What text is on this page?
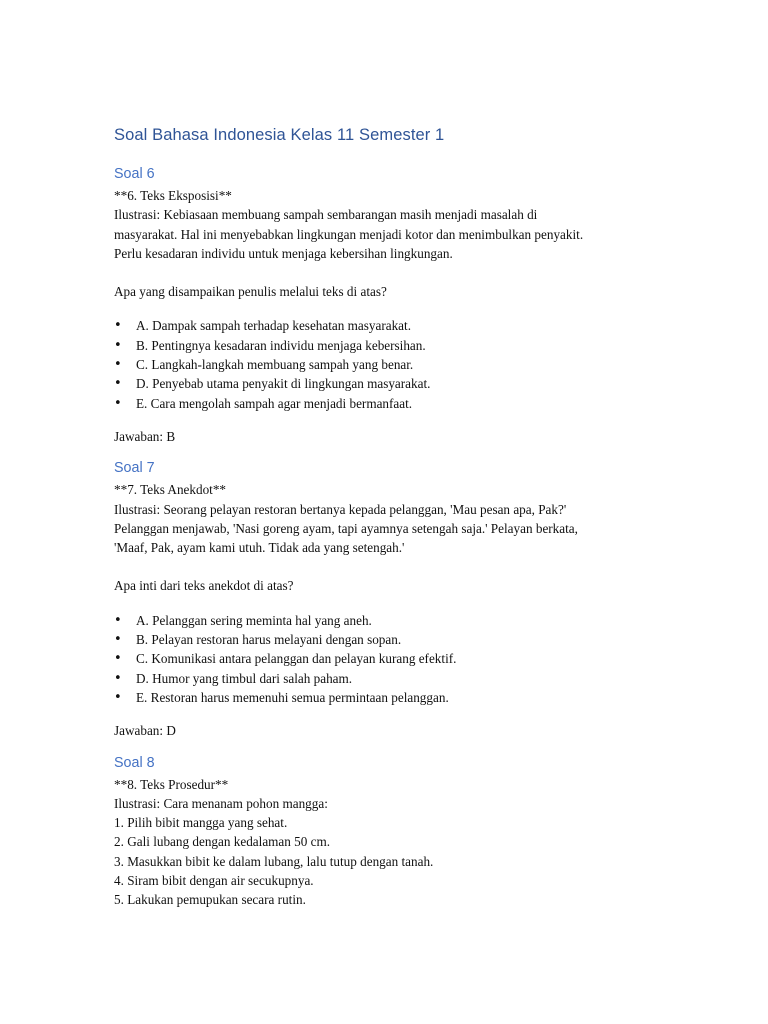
Soal Bahasa Indonesia Kelas 11 Semester 1
Soal 6
**6. Teks Eksposisi**
Ilustrasi: Kebiasaan membuang sampah sembarangan masih menjadi masalah di
masyarakat. Hal ini menyebabkan lingkungan menjadi kotor dan menimbulkan penyakit.
Perlu kesadaran individu untuk menjaga kebersihan lingkungan.
Apa yang disampaikan penulis melalui teks di atas?
• A. Dampak sampah terhadap kesehatan masyarakat.
• B. Pentingnya kesadaran individu menjaga kebersihan.
• C. Langkah-langkah membuang sampah yang benar.
• D. Penyebab utama penyakit di lingkungan masyarakat.
• E. Cara mengolah sampah agar menjadi bermanfaat.
Jawaban: B
Soal 7
**7. Teks Anekdot**
Ilustrasi: Seorang pelayan restoran bertanya kepada pelanggan, 'Mau pesan apa, Pak?'
Pelanggan menjawab, 'Nasi goreng ayam, tapi ayamnya setengah saja.' Pelayan berkata,
'Maaf, Pak, ayam kami utuh. Tidak ada yang setengah.'
Apa inti dari teks anekdot di atas?
• A. Pelanggan sering meminta hal yang aneh.
• B. Pelayan restoran harus melayani dengan sopan.
• C. Komunikasi antara pelanggan dan pelayan kurang efektif.
• D. Humor yang timbul dari salah paham.
• E. Restoran harus memenuhi semua permintaan pelanggan.
Jawaban: D
Soal 8
**8. Teks Prosedur**
Ilustrasi: Cara menanam pohon mangga:
1. Pilih bibit mangga yang sehat.
2. Gali lubang dengan kedalaman 50 cm.
3. Masukkan bibit ke dalam lubang, lalu tutup dengan tanah.
4. Siram bibit dengan air secukupnya.
5. Lakukan pemupukan secara rutin.
